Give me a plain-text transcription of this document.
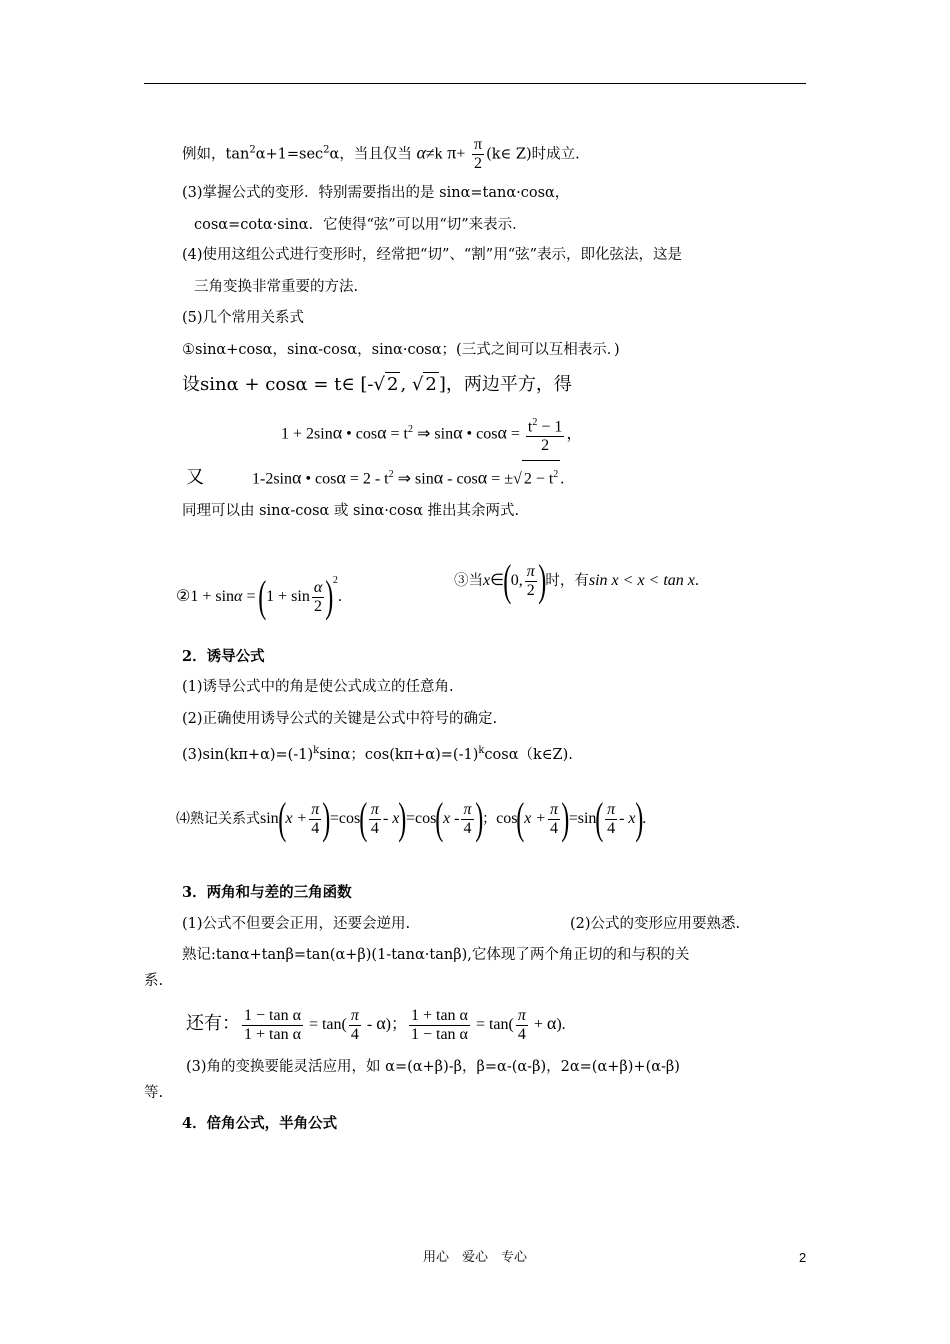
例如，$\tan^2\alpha+1=\sec^2\alpha$，当且仅当 α≠k $\pi+ \frac{\pi}{2}$ (k∈ Z)时成立.
(3)掌握公式的变形．特别需要指出的是 sinα=tanα·cosα，
cosα=cotα·sinα．它使得“弦”可以用“切”来表示．
(4)使用这组公式进行变形时，经常把“切”、“割”用“弦”表示，即化弦法，这是
三角变换非常重要的方法.
(5)几个常用关系式
①sinα+cosα，sinα-cosα，sinα·cosα；(三式之间可以互相表示．)
设sinα + cosα = t∈ [-√ 2 , √ 2 ]，两边平方，得
1 + 2sinα • $\cos\alpha = t^2$ ⇒ sinα • $\cos\alpha = \frac{t^2 - 1}{2}$ ，
又	1-2sinα • $\cos\alpha = 2 - t^2$ ⇒ sinα - cosα = ±√ $2 - t^2$ .
同理可以由 sinα-cosα 或 sinα·cosα 推出其余两式.
②1 + $\sin\alpha = (1 + \sin \frac{\alpha}{2} )^2$.
③当x∈(0, $\frac{\pi}{2}$ )时，有sin x < x < tan x.
2．诱导公式
(1)诱导公式中的角是使公式成立的任意角.
(2)正确使用诱导公式的关键是公式中符号的确定.
$(3)\sin(k\pi+\alpha)=(-1)^k\sin\alpha$；$\cos(k\pi+\alpha)=(-1)^k\cos\alpha(k\in Z)$.
⑷熟记关系式$\sin(x + \frac{\pi}{4} )=\cos( \frac{\pi}{4} - x)=\cos(x - \frac{\pi}{4}$ )；$\cos(x + \frac{\pi}{4} )=\sin( \frac{\pi}{4} - x)$.
3．两角和与差的三角函数
(1)公式不但要会正用，还要会逆用.	(2)公式的变形应用要熟悉.
熟记:tanα+tanβ=tan(α+β)(1-tanα·tanβ),它体现了两个角正切的和与积的关
系.
还有： $\frac{\text{1 − tan α}}{\text{1 + tan α}} = \tan( \frac{\pi}{4} - \alpha)$； $\frac{\text{1 + tan α}}{\text{1 − tan α}} = \tan( \frac{\pi}{4} + \alpha)$.
(3)角的变换要能灵活应用，如 α=(α+β)-β，β=α-(α-β)，2α=(α+β)+(α-β)
等.
4．倍角公式，半角公式
用心　爱心　专心	2
